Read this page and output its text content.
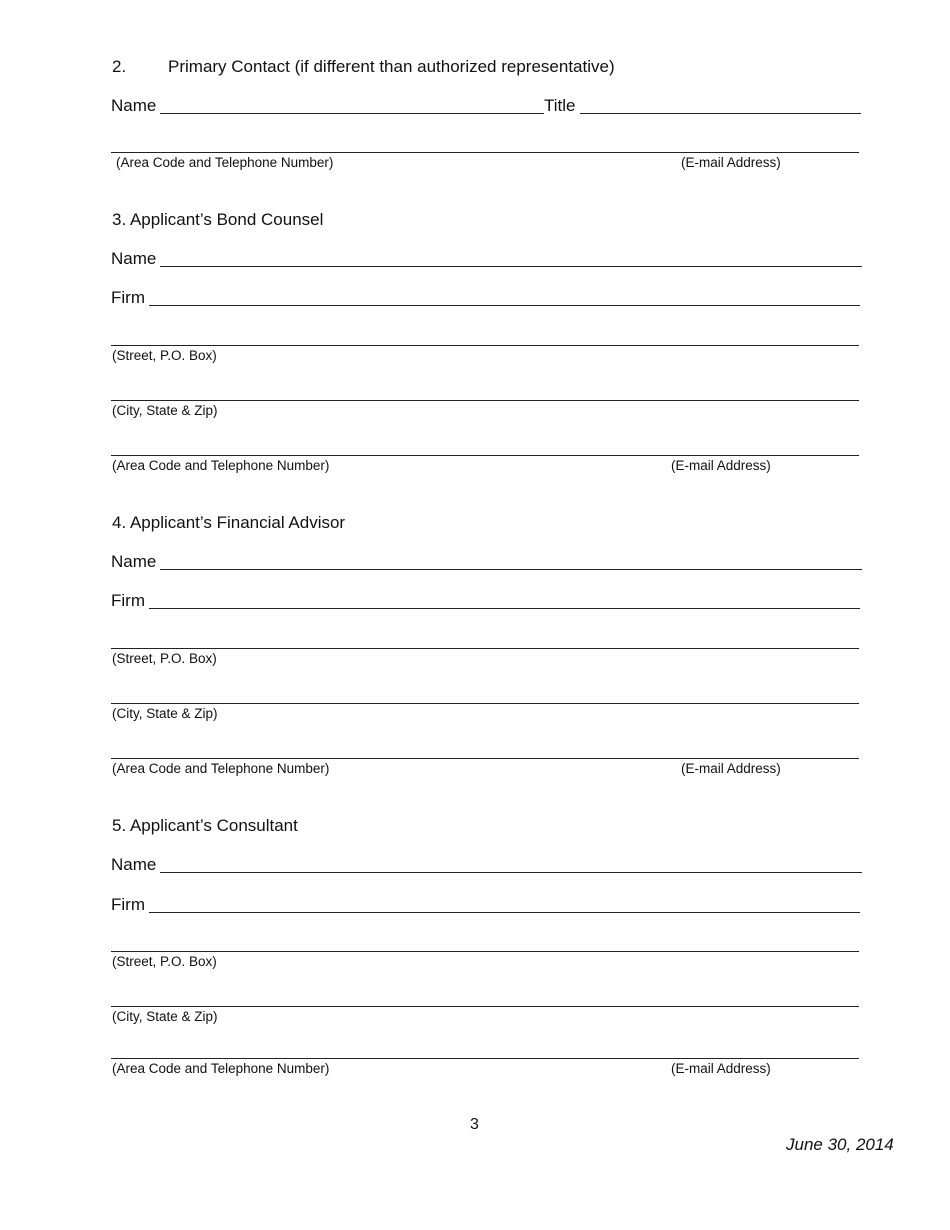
2. Primary Contact (if different than authorized representative)
Name	Title
(Area Code and Telephone Number)	(E-mail Address)
3. Applicant’s Bond Counsel
Name
Firm
(Street, P.O. Box)
(City, State & Zip)
(Area Code and Telephone Number)	(E-mail Address)
4. Applicant’s Financial Advisor
Name
Firm
(Street, P.O. Box)
(City, State & Zip)
(Area Code and Telephone Number)	(E-mail Address)
5. Applicant’s Consultant
Name
Firm
(Street, P.O. Box)
(City, State & Zip)
(Area Code and Telephone Number)	(E-mail Address)
3
June 30, 2014
